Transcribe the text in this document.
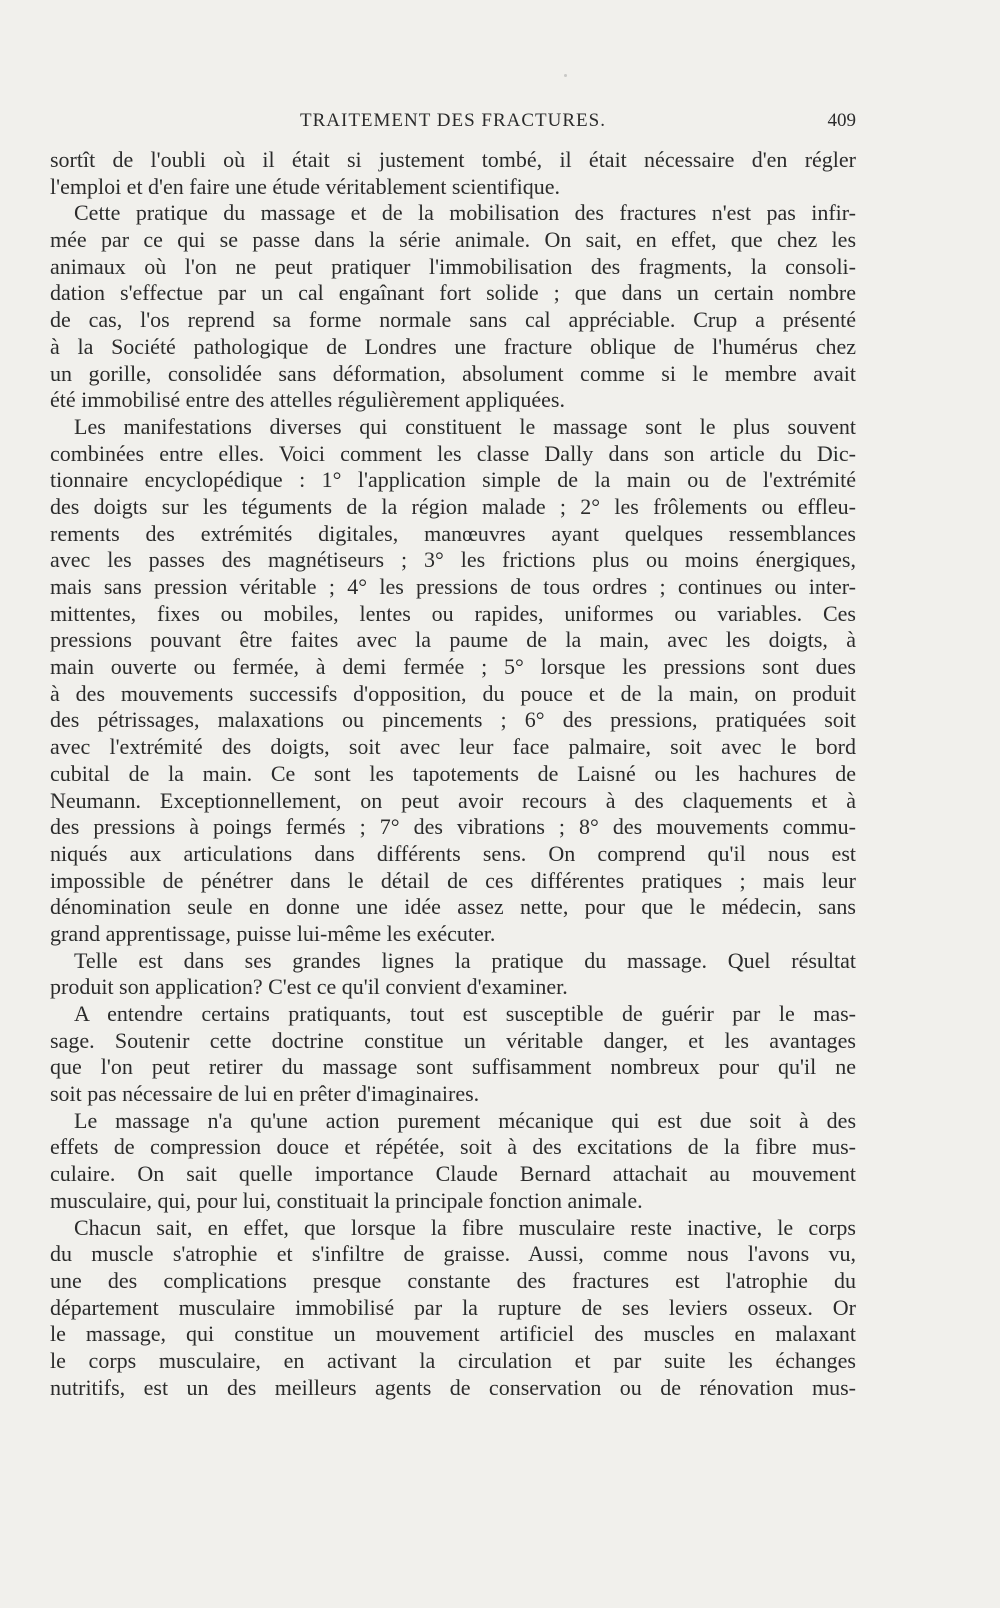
TRAITEMENT DES FRACTURES.	409
sortît de l'oubli où il était si justement tombé, il était nécessaire d'en régler
l'emploi et d'en faire une étude véritablement scientifique.
Cette pratique du massage et de la mobilisation des fractures n'est pas infir-
mée par ce qui se passe dans la série animale. On sait, en effet, que chez les
animaux où l'on ne peut pratiquer l'immobilisation des fragments, la consoli-
dation s'effectue par un cal engaînant fort solide ; que dans un certain nombre
de cas, l'os reprend sa forme normale sans cal appréciable. Crup a présenté
à la Société pathologique de Londres une fracture oblique de l'humérus chez
un gorille, consolidée sans déformation, absolument comme si le membre avait
été immobilisé entre des attelles régulièrement appliquées.
Les manifestations diverses qui constituent le massage sont le plus souvent
combinées entre elles. Voici comment les classe Dally dans son article du Dic-
tionnaire encyclopédique : 1° l'application simple de la main ou de l'extrémité
des doigts sur les téguments de la région malade ; 2° les frôlements ou effleu-
rements des extrémités digitales, manœuvres ayant quelques ressemblances
avec les passes des magnétiseurs ; 3° les frictions plus ou moins énergiques,
mais sans pression véritable ; 4° les pressions de tous ordres ; continues ou inter-
mittentes, fixes ou mobiles, lentes ou rapides, uniformes ou variables. Ces
pressions pouvant être faites avec la paume de la main, avec les doigts, à
main ouverte ou fermée, à demi fermée ; 5° lorsque les pressions sont dues
à des mouvements successifs d'opposition, du pouce et de la main, on produit
des pétrissages, malaxations ou pincements ; 6° des pressions, pratiquées soit
avec l'extrémité des doigts, soit avec leur face palmaire, soit avec le bord
cubital de la main. Ce sont les tapotements de Laisné ou les hachures de
Neumann. Exceptionnellement, on peut avoir recours à des claquements et à
des pressions à poings fermés ; 7° des vibrations ; 8° des mouvements commu-
niqués aux articulations dans différents sens. On comprend qu'il nous est
impossible de pénétrer dans le détail de ces différentes pratiques ; mais leur
dénomination seule en donne une idée assez nette, pour que le médecin, sans
grand apprentissage, puisse lui-même les exécuter.
Telle est dans ses grandes lignes la pratique du massage. Quel résultat
produit son application? C'est ce qu'il convient d'examiner.
A entendre certains pratiquants, tout est susceptible de guérir par le mas-
sage. Soutenir cette doctrine constitue un véritable danger, et les avantages
que l'on peut retirer du massage sont suffisamment nombreux pour qu'il ne
soit pas nécessaire de lui en prêter d'imaginaires.
Le massage n'a qu'une action purement mécanique qui est due soit à des
effets de compression douce et répétée, soit à des excitations de la fibre mus-
culaire. On sait quelle importance Claude Bernard attachait au mouvement
musculaire, qui, pour lui, constituait la principale fonction animale.
Chacun sait, en effet, que lorsque la fibre musculaire reste inactive, le corps
du muscle s'atrophie et s'infiltre de graisse. Aussi, comme nous l'avons vu,
une des complications presque constante des fractures est l'atrophie du
département musculaire immobilisé par la rupture de ses leviers osseux. Or
le massage, qui constitue un mouvement artificiel des muscles en malaxant
le corps musculaire, en activant la circulation et par suite les échanges
nutritifs, est un des meilleurs agents de conservation ou de rénovation mus-
